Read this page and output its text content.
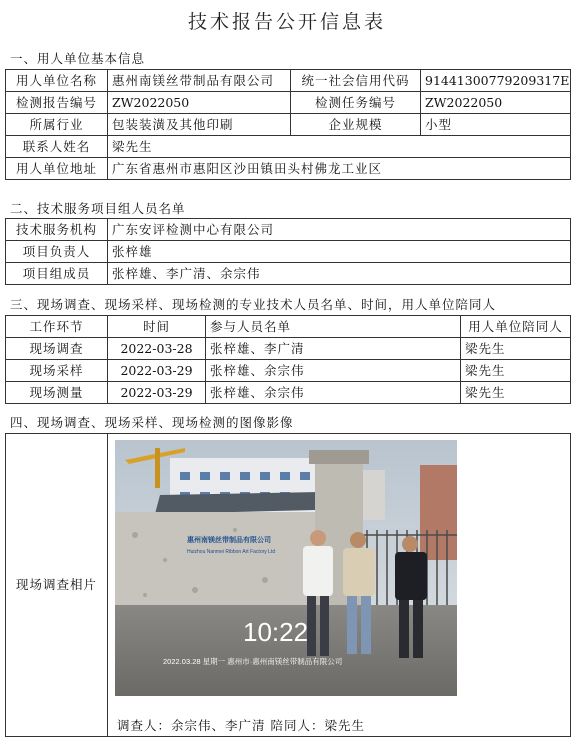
技术报告公开信息表
一、用人单位基本信息
用人单位名称	惠州南镁丝带制品有限公司	统一社会信用代码	91441300779209317E
检测报告编号	ZW2022050	检测任务编号	ZW2022050
所属行业	包装装潢及其他印刷	企业规模	小型
联系人姓名	梁先生		
用人单位地址	广东省惠州市惠阳区沙田镇田头村佛龙工业区		
二、技术服务项目组人员名单
技术服务机构	广东安评检测中心有限公司
项目负责人	张梓雄
项目组成员	张梓雄、李广清、余宗伟
三、现场调查、现场采样、现场检测的专业技术人员名单、时间，用人单位陪同人
工作环节	时间	参与人员名单	用人单位陪同人
现场调查	2022-03-28	张梓雄、李广清	梁先生
现场采样	2022-03-29	张梓雄、余宗伟	梁先生
现场测量	2022-03-29	张梓雄、余宗伟	梁先生
四、现场调查、现场采样、现场检测的图像影像
现场调查相片	
惠州南镁丝带制品有限公司
Huizhou Nanmei Ribbon Art Factory Ltd
10:22
2022.03.28 星期一 惠州市·惠州南镁丝带制品有限公司
调查人：余宗伟、李广清 陪同人：梁先生
